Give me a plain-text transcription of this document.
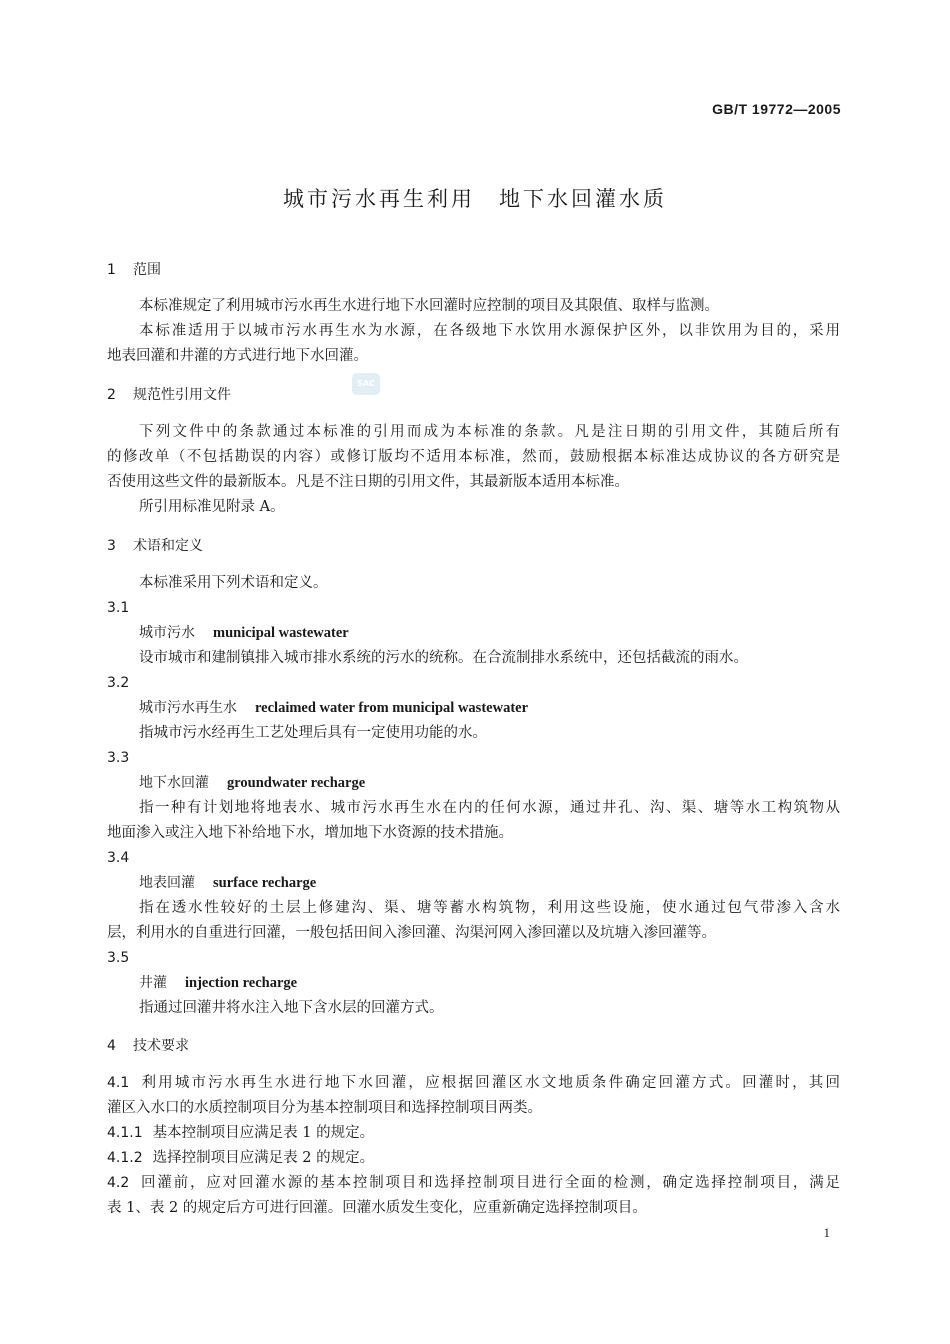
GB/T 19772—2005
城市污水再生利用　地下水回灌水质
1 范围
本标准规定了利用城市污水再生水进行地下水回灌时应控制的项目及其限值、取样与监测。
本标准适用于以城市污水再生水为水源，在各级地下水饮用水源保护区外，以非饮用为目的，采用
地表回灌和井灌的方式进行地下水回灌。
SAC
2 规范性引用文件
下列文件中的条款通过本标准的引用而成为本标准的条款。凡是注日期的引用文件，其随后所有
的修改单（不包括勘误的内容）或修订版均不适用本标准，然而，鼓励根据本标准达成协议的各方研究是
否使用这些文件的最新版本。凡是不注日期的引用文件，其最新版本适用本标准。
所引用标准见附录 A。
3 术语和定义
本标准采用下列术语和定义。
3.1
城市污水 municipal wastewater
设市城市和建制镇排入城市排水系统的污水的统称。在合流制排水系统中，还包括截流的雨水。
3.2
城市污水再生水 reclaimed water from municipal wastewater
指城市污水经再生工艺处理后具有一定使用功能的水。
3.3
地下水回灌 groundwater recharge
指一种有计划地将地表水、城市污水再生水在内的任何水源，通过井孔、沟、渠、塘等水工构筑物从
地面渗入或注入地下补给地下水，增加地下水资源的技术措施。
3.4
地表回灌 surface recharge
指在透水性较好的土层上修建沟、渠、塘等蓄水构筑物，利用这些设施，使水通过包气带渗入含水
层，利用水的自重进行回灌，一般包括田间入渗回灌、沟渠河网入渗回灌以及坑塘入渗回灌等。
3.5
井灌 injection recharge
指通过回灌井将水注入地下含水层的回灌方式。
4 技术要求
4.1 利用城市污水再生水进行地下水回灌，应根据回灌区水文地质条件确定回灌方式。回灌时，其回
灌区入水口的水质控制项目分为基本控制项目和选择控制项目两类。
4.1.1 基本控制项目应满足表 1 的规定。
4.1.2 选择控制项目应满足表 2 的规定。
4.2 回灌前，应对回灌水源的基本控制项目和选择控制项目进行全面的检测，确定选择控制项目，满足
表 1、表 2 的规定后方可进行回灌。回灌水质发生变化，应重新确定选择控制项目。
1
